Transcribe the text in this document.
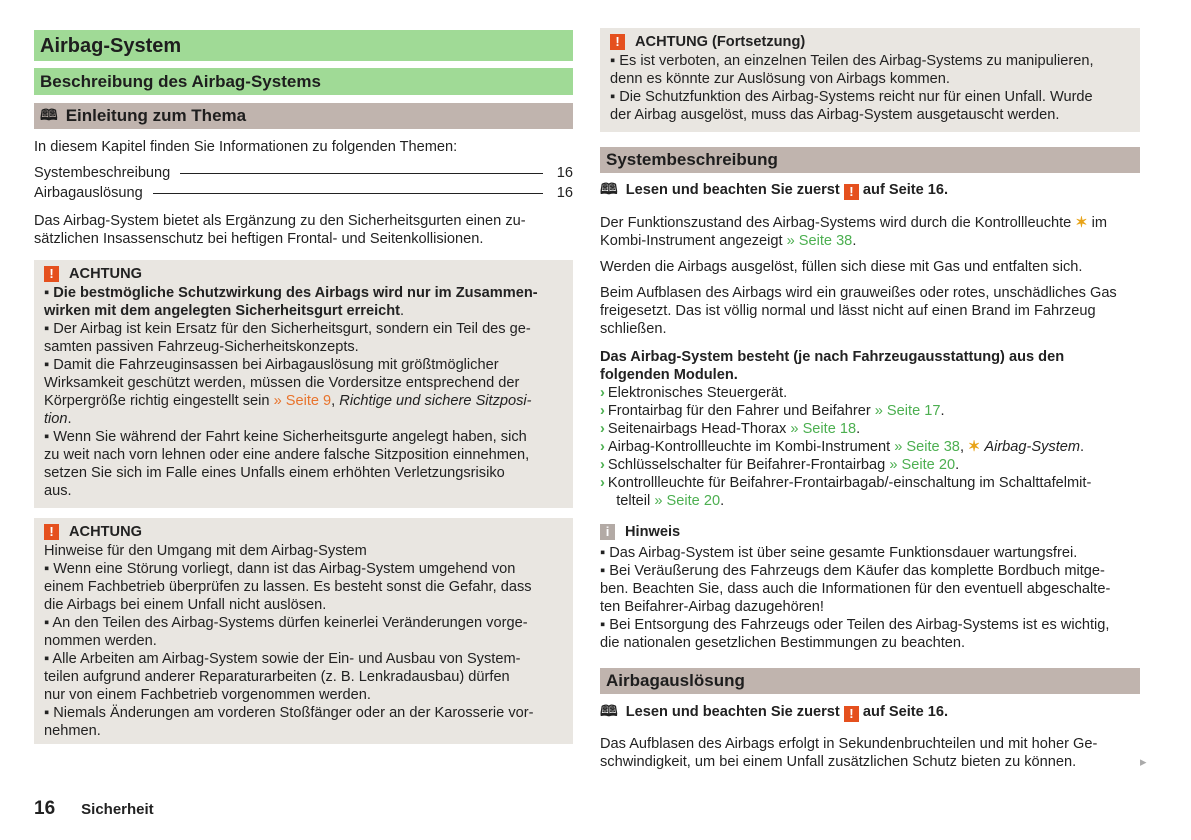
Airbag-System
Beschreibung des Airbag-Systems
🕮 Einleitung zum Thema
In diesem Kapitel finden Sie Informationen zu folgenden Themen:
Systembeschreibung	16
Airbagauslösung	16
Das Airbag-System bietet als Ergänzung zu den Sicherheitsgurten einen zu-
sätzlichen Insassenschutz bei heftigen Frontal- und Seitenkollisionen.
!	ACHTUNG
▪ Die bestmögliche Schutzwirkung des Airbags wird nur im Zusammen-
wirken mit dem angelegten Sicherheitsgurt erreicht.
▪ Der Airbag ist kein Ersatz für den Sicherheitsgurt, sondern ein Teil des ge-
samten passiven Fahrzeug-Sicherheitskonzepts.
▪ Damit die Fahrzeuginsassen bei Airbagauslösung mit größtmöglicher
Wirksamkeit geschützt werden, müssen die Vordersitze entsprechend der
Körpergröße richtig eingestellt sein » Seite 9, Richtige und sichere Sitzposi-
tion.
▪ Wenn Sie während der Fahrt keine Sicherheitsgurte angelegt haben, sich
zu weit nach vorn lehnen oder eine andere falsche Sitzposition einnehmen,
setzen Sie sich im Falle eines Unfalls einem erhöhten Verletzungsrisiko
aus.
!	ACHTUNG
Hinweise für den Umgang mit dem Airbag-System
▪ Wenn eine Störung vorliegt, dann ist das Airbag-System umgehend von
einem Fachbetrieb überprüfen zu lassen. Es besteht sonst die Gefahr, dass
die Airbags bei einem Unfall nicht auslösen.
▪ An den Teilen des Airbag-Systems dürfen keinerlei Veränderungen vorge-
nommen werden.
▪ Alle Arbeiten am Airbag-System sowie der Ein- und Ausbau von System-
teilen aufgrund anderer Reparaturarbeiten (z. B. Lenkradausbau) dürfen
nur von einem Fachbetrieb vorgenommen werden.
▪ Niemals Änderungen am vorderen Stoßfänger oder an der Karosserie vor-
nehmen.
16 Sicherheit
!	ACHTUNG (Fortsetzung)
▪ Es ist verboten, an einzelnen Teilen des Airbag-Systems zu manipulieren,
denn es könnte zur Auslösung von Airbags kommen.
▪ Die Schutzfunktion des Airbag-Systems reicht nur für einen Unfall. Wurde
der Airbag ausgelöst, muss das Airbag-System ausgetauscht werden.
Systembeschreibung
🕮 Lesen und beachten Sie zuerst ! auf Seite 16.
Der Funktionszustand des Airbag-Systems wird durch die Kontrollleuchte ✶ im
Kombi-Instrument angezeigt » Seite 38.
Werden die Airbags ausgelöst, füllen sich diese mit Gas und entfalten sich.
Beim Aufblasen des Airbags wird ein grauweißes oder rotes, unschädliches Gas
freigesetzt. Das ist völlig normal und lässt nicht auf einen Brand im Fahrzeug
schließen.
Das Airbag-System besteht (je nach Fahrzeugausstattung) aus den
folgenden Modulen.
› Elektronisches Steuergerät.
› Frontairbag für den Fahrer und Beifahrer » Seite 17.
› Seitenairbags Head-Thorax » Seite 18.
› Airbag-Kontrollleuchte im Kombi-Instrument » Seite 38, ✶ Airbag-System.
› Schlüsselschalter für Beifahrer-Frontairbag » Seite 20.
› Kontrollleuchte für Beifahrer-Frontairbagab/-einschaltung im Schalttafelmit-
telteil » Seite 20.
i	Hinweis
▪ Das Airbag-System ist über seine gesamte Funktionsdauer wartungsfrei.
▪ Bei Veräußerung des Fahrzeugs dem Käufer das komplette Bordbuch mitge-
ben. Beachten Sie, dass auch die Informationen für den eventuell abgeschalte-
ten Beifahrer-Airbag dazugehören!
▪ Bei Entsorgung des Fahrzeugs oder Teilen des Airbag-Systems ist es wichtig,
die nationalen gesetzlichen Bestimmungen zu beachten.
Airbagauslösung
🕮 Lesen und beachten Sie zuerst ! auf Seite 16.
Das Aufblasen des Airbags erfolgt in Sekundenbruchteilen und mit hoher Ge-
schwindigkeit, um bei einem Unfall zusätzlichen Schutz bieten zu können.	▸
